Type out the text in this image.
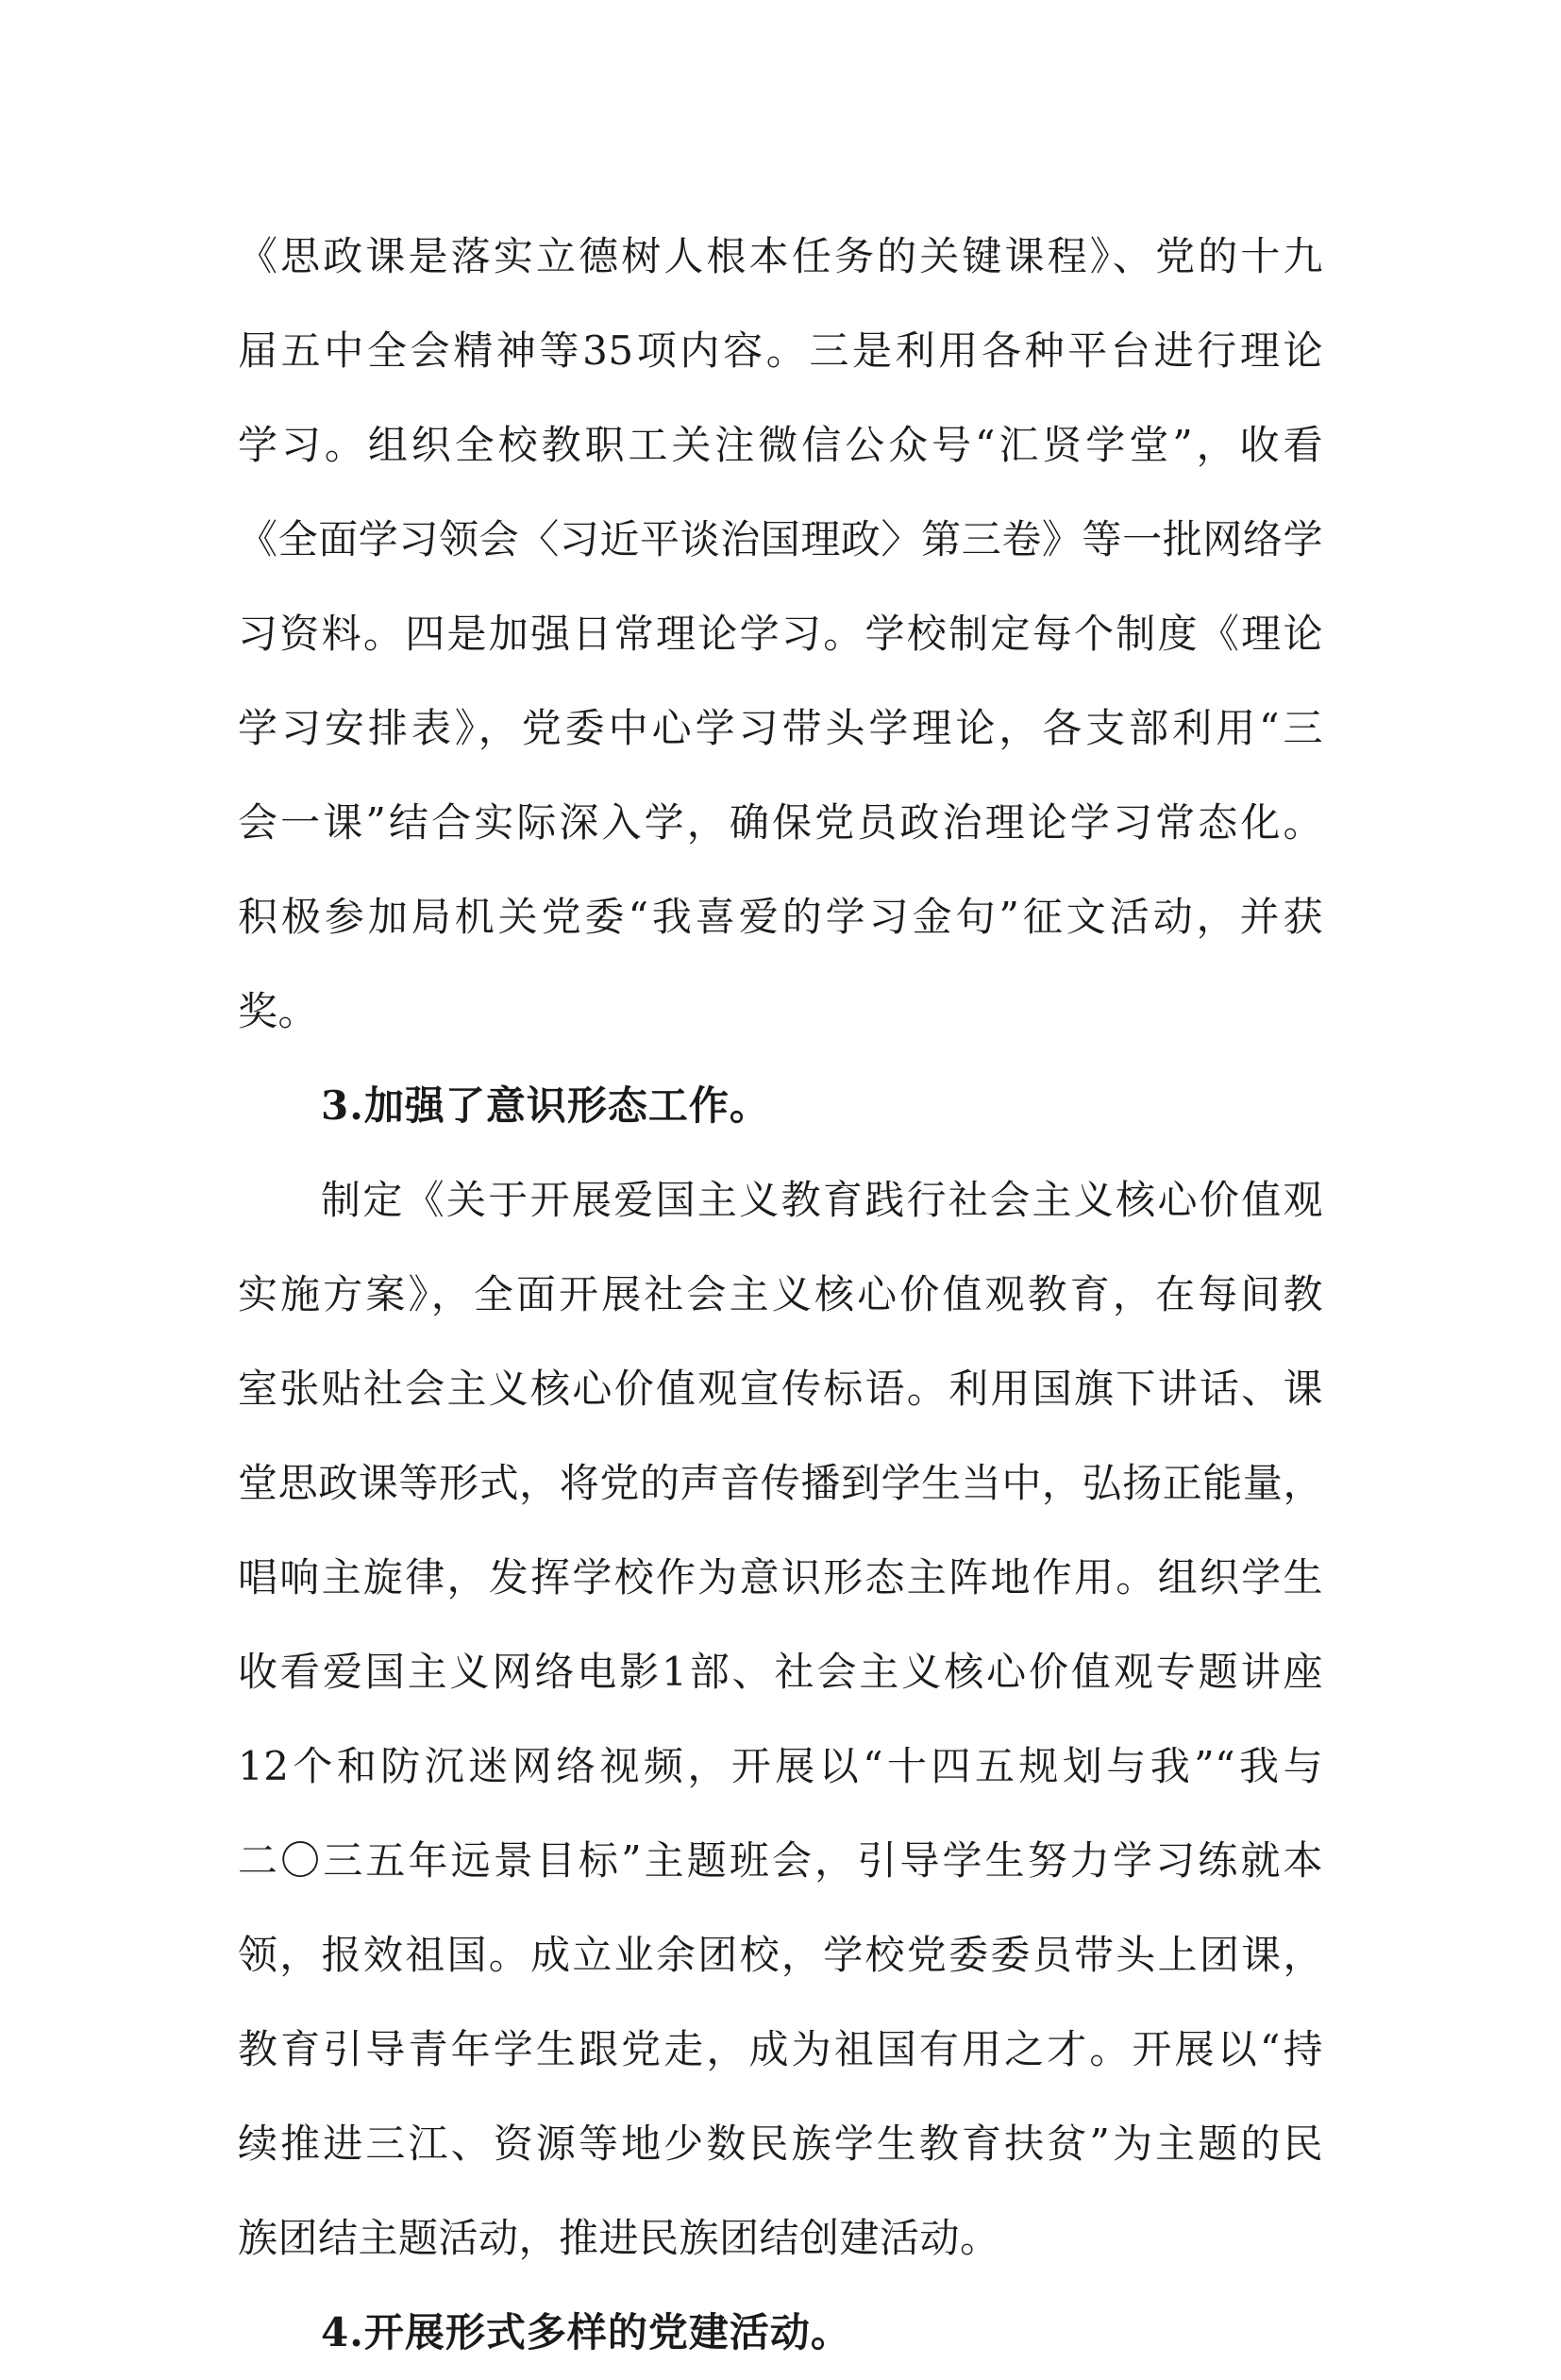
《思政课是落实立德树人根本任务的关键课程》、党的十九
届五中全会精神等35项内容。三是利用各种平台进行理论
学习。组织全校教职工关注微信公众号“汇贤学堂”，收看
《全面学习领会〈习近平谈治国理政〉第三卷》等一批网络学
习资料。四是加强日常理论学习。学校制定每个制度《理论
学习安排表》，党委中心学习带头学理论，各支部利用“三
会一课”结合实际深入学，确保党员政治理论学习常态化。
积极参加局机关党委“我喜爱的学习金句”征文活动，并获
奖。
3.加强了意识形态工作。
制定《关于开展爱国主义教育践行社会主义核心价值观
实施方案》，全面开展社会主义核心价值观教育，在每间教
室张贴社会主义核心价值观宣传标语。利用国旗下讲话、课
堂思政课等形式，将党的声音传播到学生当中，弘扬正能量，
唱响主旋律，发挥学校作为意识形态主阵地作用。组织学生
收看爱国主义网络电影1部、社会主义核心价值观专题讲座
12个和防沉迷网络视频，开展以“十四五规划与我”“我与
二〇三五年远景目标”主题班会，引导学生努力学习练就本
领，报效祖国。成立业余团校，学校党委委员带头上团课，
教育引导青年学生跟党走，成为祖国有用之才。开展以“持
续推进三江、资源等地少数民族学生教育扶贫”为主题的民
族团结主题活动，推进民族团结创建活动。
4.开展形式多样的党建活动。
